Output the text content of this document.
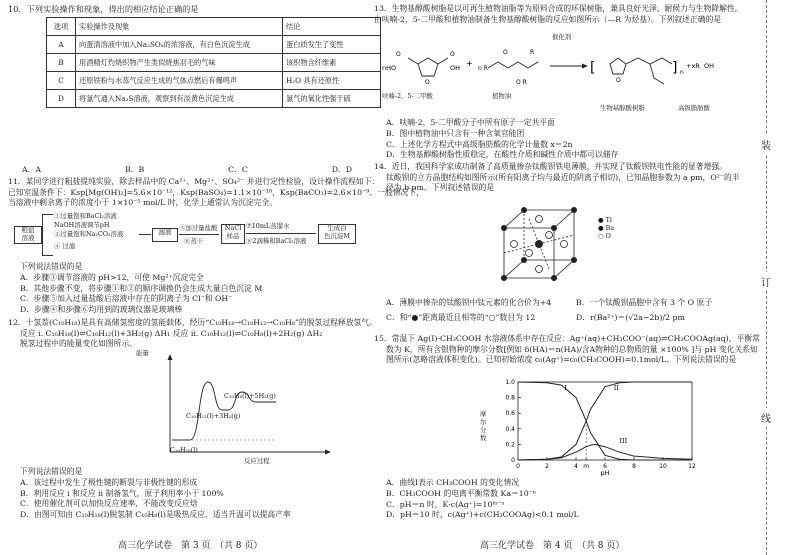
10．下列实验操作和现象，得出的相应结论正确的是
选项	实验操作及现象	结论
A	向蛋清溶液中加入Na₂SO₄的浓溶液，有白色沉淀生成	蛋白质发生了变性
B	用酒精灯灼烧织物产生类似烧焦羽毛的气味	该织物含纤维素
C	还原铁粉与水蒸气反应生成的气体点燃后有爆鸣声	H₂O 具有还原性
D	将氯气通入Na₂S溶液，观察到有淡黄色沉淀生成	氯气的氧化性强于硫
A．A	B．B	C．C	D．D
11．某同学进行粗盐提纯实验，除去样品中的 Ca²⁺、Mg²⁺、SO₄²⁻ 并进行定性检验，设计操作流程如下：
已知室温条件下：Ksp[Mg(OH)₂]=5.6×10⁻¹²，Ksp(BaSO₄)=1.1×10⁻¹⁰，Ksp(BaCO₃)=2.6×10⁻⁹。一般情况下，
当溶液中剩余离子的浓度小于 1×10⁻⁵ mol/L 时，化学上通常认为沉淀完全。
粗盐
溶液
①过量饱和BaCl₂溶液
NaOH溶液调节pH
②过量饱和Na₂CO₃溶液
④ 过滤
滤液	⑤加过量盐酸
⑥蒸干
NaCl
样品
⑦10mL蒸馏水
⑧2滴稀和BaCl₂溶液
生成白
色沉淀M
下列说法错误的是
A．步骤③调节溶液的 pH>12，可使 Mg²⁺沉淀完全
B．其他步骤不变，将步骤①和②的顺序调换仍会生成大量白色沉淀 M
C．步骤⑤加入过量盐酸后溶液中存在的阴离子为 Cl⁻和 OH⁻
D．步骤④和步骤⑥均用到的玻璃仪器是玻璃棒
12．十氢萘(C₁₀H₁₈)是具有高储氢密度的氢能载体，经历“C₁₀H₁₈→C₁₀H₁₂→C₁₀H₈”的脱氢过程释放氢气。
反应 i. C₁₀H₁₈(l)⇌C₁₀H₁₂(l)+3H₂(g) ΔH₁ 反应 ii. C₁₀H₁₂(l)⇌C₁₀H₈(l)+2H₂(g) ΔH₂
脱氢过程中的能量变化如图所示。
能量
C₁₀H₁₈(l)
C₁₀H₁₂(l)+3H₂(g)
C₁₀H₈(l)+5H₂(g)
反应过程
下列说法错误的是
A．该过程中发生了极性键的断裂与非极性键的形成
B．利用反应 i 和反应 ii 制备氢气，原子利用率小于 100%
C．使用催化剂可以加快反应速率，不能改变反应焓
D．由图可知由 C₁₀H₁₈(l)脱氢制 C₁₀H₈(l)是吸热反应，适当升温可以提高产率
高三化学试卷　第 3 页　（共 8 页）
13．生物基醇酸树脂是以可再生植物油脂等为原料合成的环保树脂，兼具良好光泽、耐候力与生物降解性。
由呋喃-2，5-二甲酸和植物油制备生物基醇酸树脂的反应如图所示（—R 为烃基）。下列叙述正确的是
O
O	O
nHO	OH +
n R
O
O R
R
[
O
] n
+xR OH
催化剂
呋喃-2，5-二甲酸	植物油
生物基醇酸树脂	高级脂肪酸
A．呋喃-2，5-二甲酸分子中所有原子一定共平面
B．图中植物油中只含有一种含氧官能团
C．上述化学方程式中高级脂肪酸的化学计量数 x＝2n
D．生物基醇酸树脂性质稳定，在酸性介质和碱性介质中都可以储存
14．近日，我国科学家成功制备了高质量掺杂钛酸钡铁电薄膜，并实现了钛酸钡铁电性能的显著增强。
钛酸钡的立方晶胞结构如图所示(所有阳离子均与最近的阴离子相切)，已知晶胞参数为 a pm，O²⁻的半
径为 b pm。下列叙述错误的是
● Ti
● Ba
○ O
A．薄膜中掺杂的钛酸钡中钛元素的化合价为+4	B．一个钛酸钡晶胞中含有 3 个 O 原子
C．和“●”距离最近且相等的“○”数目为 12	D．r(Ba²⁺)＝(√2a−2b)/2 pm
15．常温下 Ag(I)-CH₃COOH 水溶液体系中存在反应：Ag⁺(aq)+CH₃COO⁻(aq)⇌CH₃COOAg(aq)，平衡常
数为 K，所有含银物种的摩尔分数[例如 δ(HA)＝n(HA)/含A物种的总物质的量 ×100% ]与 pH 变化关系如
图所示(忽略溶液体积变化)。已知初始浓度 c₀(Ag⁺)=c₀(CH₃COOH)=0.1mol/L。下列说法错误的是
0
0.2
0.4
0.6
0.8
1.0
0	2	4 m 6	8	10	12
pH
I	II
III
摩尔分数
A．曲线I表示 CH₃COOH 的变化情况
B．CH₃COOH 的电离平衡常数 Ka＝10⁻ⁿ
C．pH＝n 时，K·c(Ag⁺)=10ᵐ⁻ⁿ
D．pH＝10 时，c(Ag⁺)+c(CH₃COOAg)<0.1 mol/L
高三化学试卷　第 4 页　（共 8 页）
装
订
线
